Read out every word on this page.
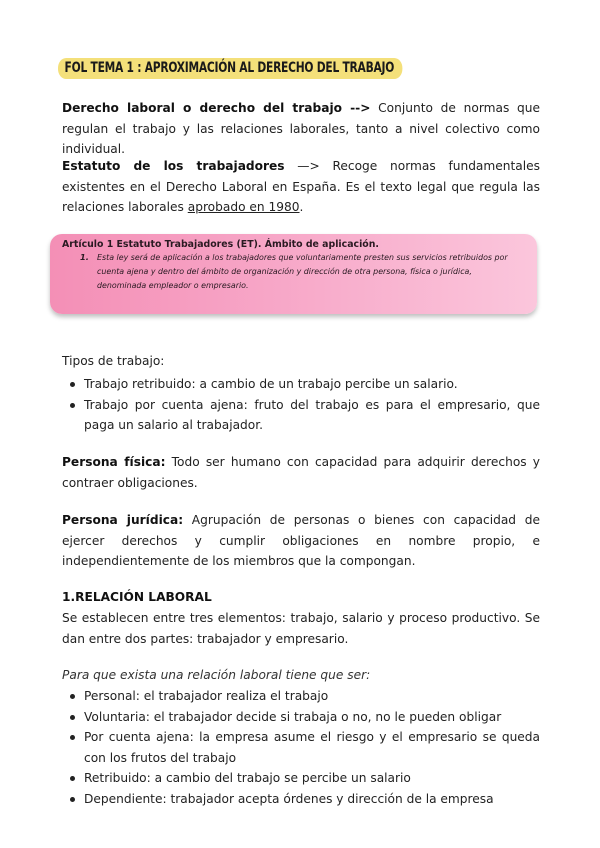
FOL TEMA 1 : APROXIMACIÓN AL DERECHO DEL TRABAJO
Derecho laboral o derecho del trabajo --> Conjunto de normas que regulan el trabajo y las relaciones laborales, tanto a nivel colectivo como individual.
Estatuto de los trabajadores —> Recoge normas fundamentales existentes en el Derecho Laboral en España. Es el texto legal que regula las relaciones laborales aprobado en 1980.
Artículo 1 Estatuto Trabajadores (ET). Ámbito de aplicación.
1. Esta ley será de aplicación a los trabajadores que voluntariamente presten sus servicios retribuidos por cuenta ajena y dentro del ámbito de organización y dirección de otra persona, física o jurídica, denominada empleador o empresario.
Tipos de trabajo:
Trabajo retribuido: a cambio de un trabajo percibe un salario.
Trabajo por cuenta ajena: fruto del trabajo es para el empresario, que paga un salario al trabajador.
Persona física: Todo ser humano con capacidad para adquirir derechos y contraer obligaciones.
Persona jurídica: Agrupación de personas o bienes con capacidad de ejercer derechos y cumplir obligaciones en nombre propio, e independientemente de los miembros que la compongan.
1.RELACIÓN LABORAL
Se establecen entre tres elementos: trabajo, salario y proceso productivo. Se dan entre dos partes: trabajador y empresario.
Para que exista una relación laboral tiene que ser:
Personal: el trabajador realiza el trabajo
Voluntaria: el trabajador decide si trabaja o no, no le pueden obligar
Por cuenta ajena: la empresa asume el riesgo y el empresario se queda con los frutos del trabajo
Retribuido: a cambio del trabajo se percibe un salario
Dependiente: trabajador acepta órdenes y dirección de la empresa
